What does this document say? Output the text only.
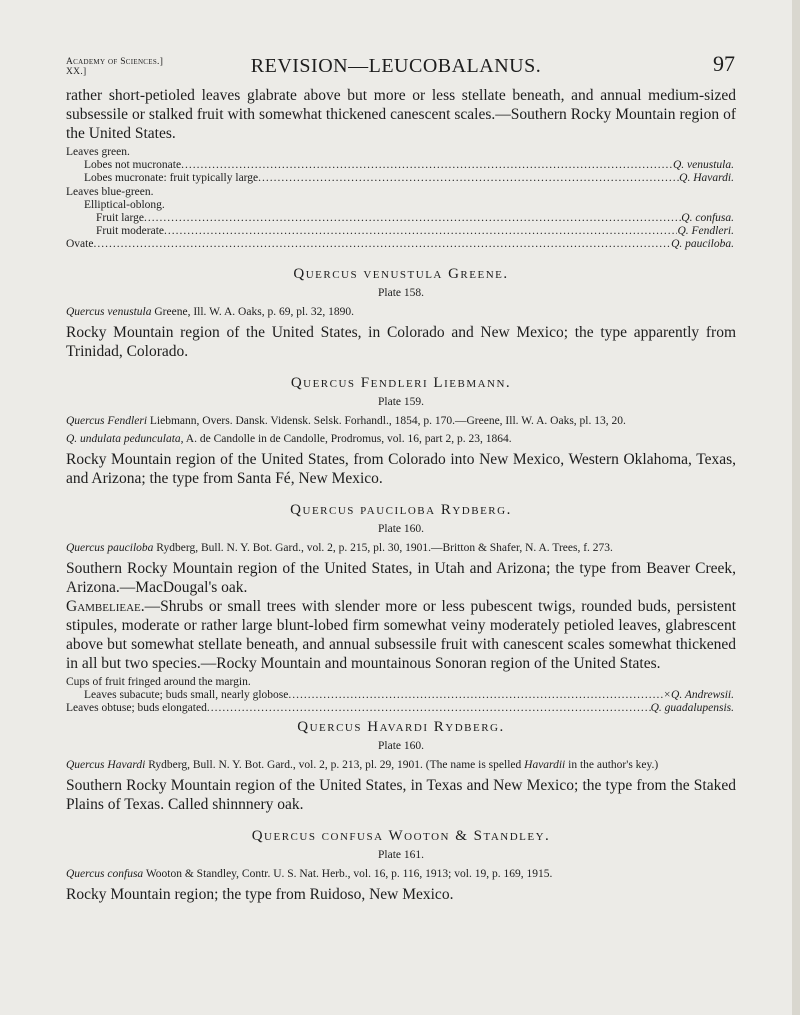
Academy of Sciences.]
XX.]	REVISION—LEUCOBALANUS.	97

rather short-petioled leaves glabrate above but more or less stellate beneath, and annual medium-sized subsessile or stalked fruit with somewhat thickened canescent scales.—Southern Rocky Mountain region of the United States.

Leaves green.
Lobes not mucronate .....	Q. venustula.
Lobes mucronate: fruit typically large .....	Q. Havardi.
Leaves blue-green.
Elliptical-oblong.
Fruit large .....	Q. confusa.
Fruit moderate .....	Q. Fendleri.
Ovate .....	Q. pauciloba.
Quercus venustula Greene.
Plate 158.
Quercus venustula Greene, Ill. W. A. Oaks, p. 69, pl. 32, 1890.

Rocky Mountain region of the United States, in Colorado and New Mexico; the type apparently from Trinidad, Colorado.

Quercus Fendleri Liebmann.
Plate 159.
Quercus Fendleri Liebmann, Overs. Dansk. Vidensk. Selsk. Forhandl., 1854, p. 170.—Greene, Ill. W. A. Oaks, pl. 13, 20.
Q. undulata pedunculata, A. de Candolle in de Candolle, Prodromus, vol. 16, part 2, p. 23, 1864.

Rocky Mountain region of the United States, from Colorado into New Mexico, Western Oklahoma, Texas, and Arizona; the type from Santa Fé, New Mexico.

Quercus pauciloba Rydberg.
Plate 160.
Quercus pauciloba Rydberg, Bull. N. Y. Bot. Gard., vol. 2, p. 215, pl. 30, 1901.—Britton & Shafer, N. A. Trees, f. 273.

Southern Rocky Mountain region of the United States, in Utah and Arizona; the type from Beaver Creek, Arizona.—MacDougal's oak.

Gambelieae.—Shrubs or small trees with slender more or less pubescent twigs, rounded buds, persistent stipules, moderate or rather large blunt-lobed firm somewhat veiny moderately petioled leaves, glabrescent above but somewhat stellate beneath, and annual subsessile fruit with canescent scales somewhat thickened in all but two species.—Rocky Mountain and mountainous Sonoran region of the United States.

Cups of fruit fringed around the margin.
Leaves subacute; buds small, nearly globose .....	×Q. Andrewsii.
Leaves obtuse; buds elongated .....	Q. guadalupensis.
Quercus Havardi Rydberg.
Plate 160.
Quercus Havardi Rydberg, Bull. N. Y. Bot. Gard., vol. 2, p. 213, pl. 29, 1901. (The name is spelled Havardii in the author's key.)

Southern Rocky Mountain region of the United States, in Texas and New Mexico; the type from the Staked Plains of Texas. Called shinnnery oak.

Quercus confusa Wooton & Standley.
Plate 161.
Quercus confusa Wooton & Standley, Contr. U. S. Nat. Herb., vol. 16, p. 116, 1913; vol. 19, p. 169, 1915.

Rocky Mountain region; the type from Ruidoso, New Mexico.
